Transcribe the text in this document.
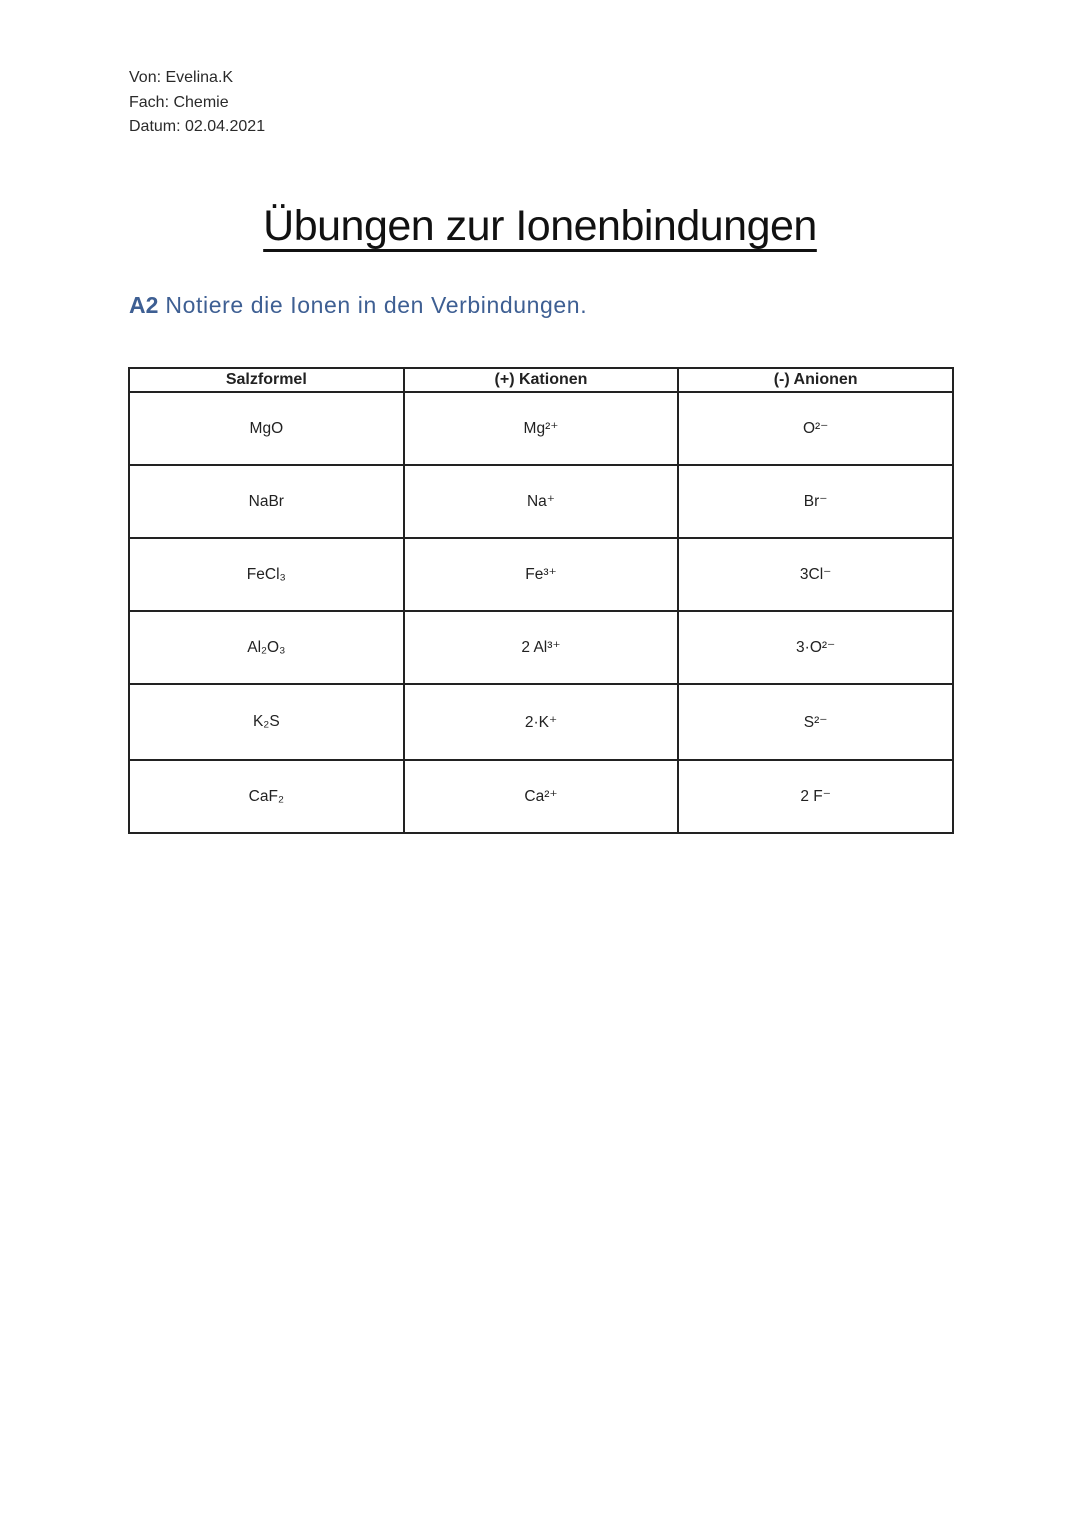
Von: Evelina.K
Fach: Chemie
Datum: 02.04.2021
Übungen zur Ionenbindungen
A2 Notiere die Ionen in den Verbindungen.
Salzformel	(+) Kationen	(-) Anionen
MgO	Mg²⁺	O²⁻
NaBr	Na⁺	Br⁻
FeCl₃	Fe³⁺	3Cl⁻
Al₂O₃	2 Al³⁺	3·O²⁻
K₂S	2·K⁺	S²⁻
CaF₂	Ca²⁺	2 F⁻
